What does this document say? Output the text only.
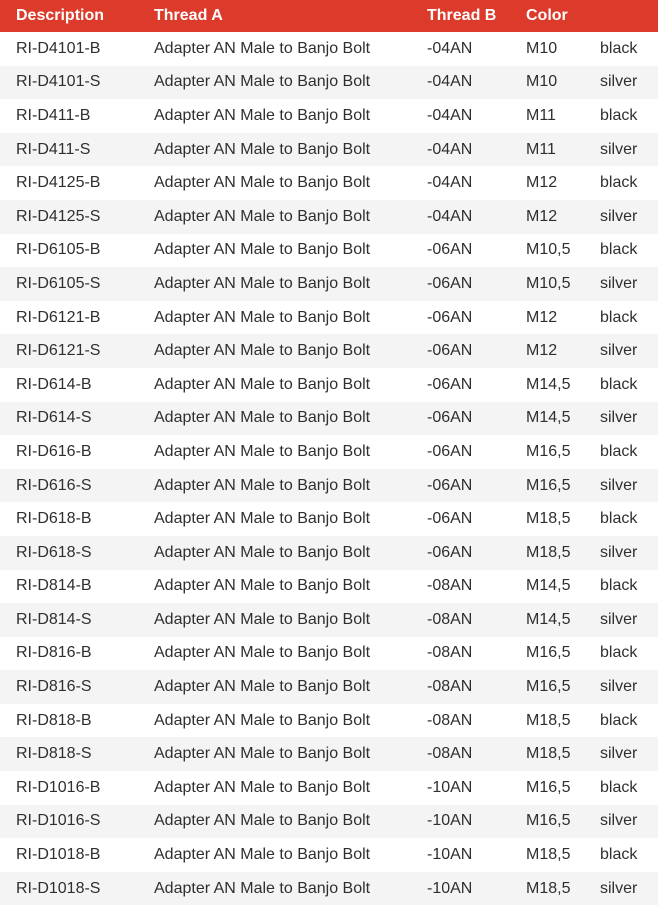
Description	Thread A	Thread B	Color
RI-D4101-B	Adapter AN Male to Banjo Bolt	-04AN	M10	black
RI-D4101-S	Adapter AN Male to Banjo Bolt	-04AN	M10	silver
RI-D411-B	Adapter AN Male to Banjo Bolt	-04AN	M11	black
RI-D411-S	Adapter AN Male to Banjo Bolt	-04AN	M11	silver
RI-D4125-B	Adapter AN Male to Banjo Bolt	-04AN	M12	black
RI-D4125-S	Adapter AN Male to Banjo Bolt	-04AN	M12	silver
RI-D6105-B	Adapter AN Male to Banjo Bolt	-06AN	M10,5	black
RI-D6105-S	Adapter AN Male to Banjo Bolt	-06AN	M10,5	silver
RI-D6121-B	Adapter AN Male to Banjo Bolt	-06AN	M12	black
RI-D6121-S	Adapter AN Male to Banjo Bolt	-06AN	M12	silver
RI-D614-B	Adapter AN Male to Banjo Bolt	-06AN	M14,5	black
RI-D614-S	Adapter AN Male to Banjo Bolt	-06AN	M14,5	silver
RI-D616-B	Adapter AN Male to Banjo Bolt	-06AN	M16,5	black
RI-D616-S	Adapter AN Male to Banjo Bolt	-06AN	M16,5	silver
RI-D618-B	Adapter AN Male to Banjo Bolt	-06AN	M18,5	black
RI-D618-S	Adapter AN Male to Banjo Bolt	-06AN	M18,5	silver
RI-D814-B	Adapter AN Male to Banjo Bolt	-08AN	M14,5	black
RI-D814-S	Adapter AN Male to Banjo Bolt	-08AN	M14,5	silver
RI-D816-B	Adapter AN Male to Banjo Bolt	-08AN	M16,5	black
RI-D816-S	Adapter AN Male to Banjo Bolt	-08AN	M16,5	silver
RI-D818-B	Adapter AN Male to Banjo Bolt	-08AN	M18,5	black
RI-D818-S	Adapter AN Male to Banjo Bolt	-08AN	M18,5	silver
RI-D1016-B	Adapter AN Male to Banjo Bolt	-10AN	M16,5	black
RI-D1016-S	Adapter AN Male to Banjo Bolt	-10AN	M16,5	silver
RI-D1018-B	Adapter AN Male to Banjo Bolt	-10AN	M18,5	black
RI-D1018-S	Adapter AN Male to Banjo Bolt	-10AN	M18,5	silver
